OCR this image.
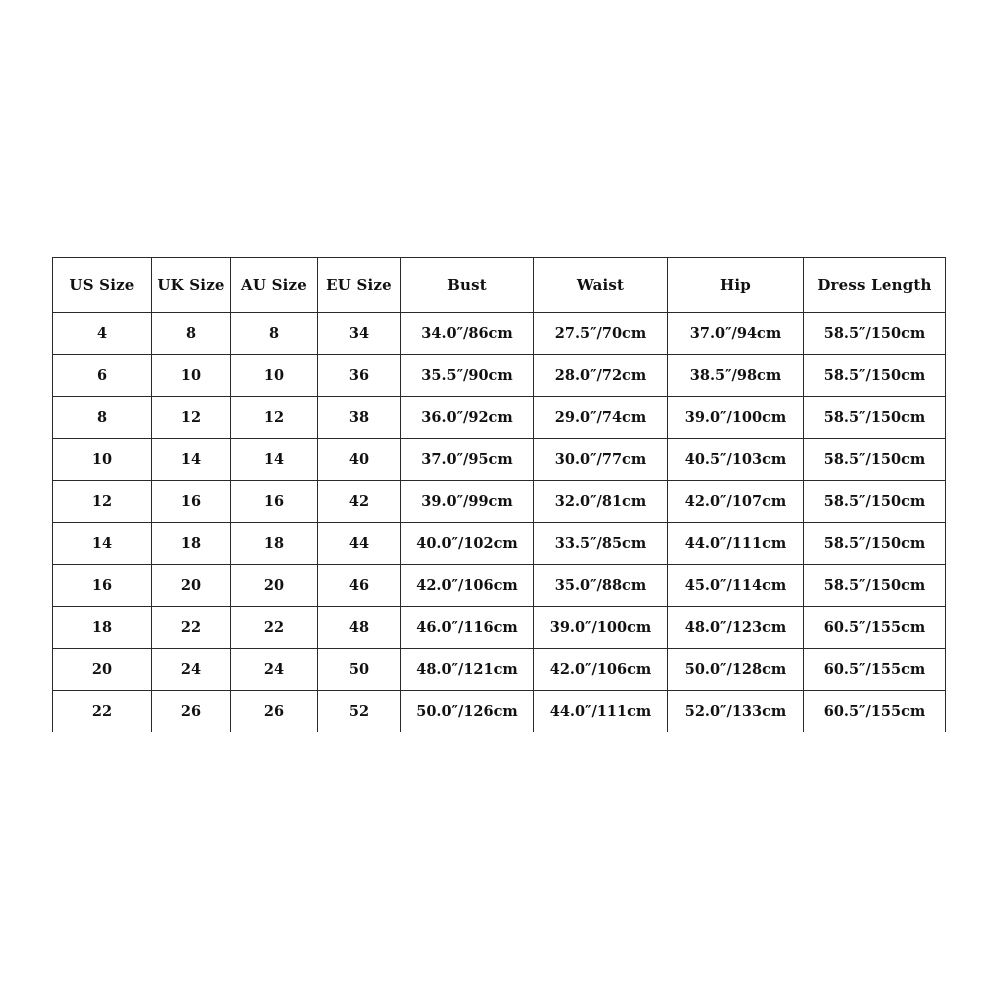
US Size	UK Size	AU Size	EU Size	Bust	Waist	Hip	Dress Length
4	8	8	34	34.0″/86cm	27.5″/70cm	37.0″/94cm	58.5″/150cm
6	10	10	36	35.5″/90cm	28.0″/72cm	38.5″/98cm	58.5″/150cm
8	12	12	38	36.0″/92cm	29.0″/74cm	39.0″/100cm	58.5″/150cm
10	14	14	40	37.0″/95cm	30.0″/77cm	40.5″/103cm	58.5″/150cm
12	16	16	42	39.0″/99cm	32.0″/81cm	42.0″/107cm	58.5″/150cm
14	18	18	44	40.0″/102cm	33.5″/85cm	44.0″/111cm	58.5″/150cm
16	20	20	46	42.0″/106cm	35.0″/88cm	45.0″/114cm	58.5″/150cm
18	22	22	48	46.0″/116cm	39.0″/100cm	48.0″/123cm	60.5″/155cm
20	24	24	50	48.0″/121cm	42.0″/106cm	50.0″/128cm	60.5″/155cm
22	26	26	52	50.0″/126cm	44.0″/111cm	52.0″/133cm	60.5″/155cm
